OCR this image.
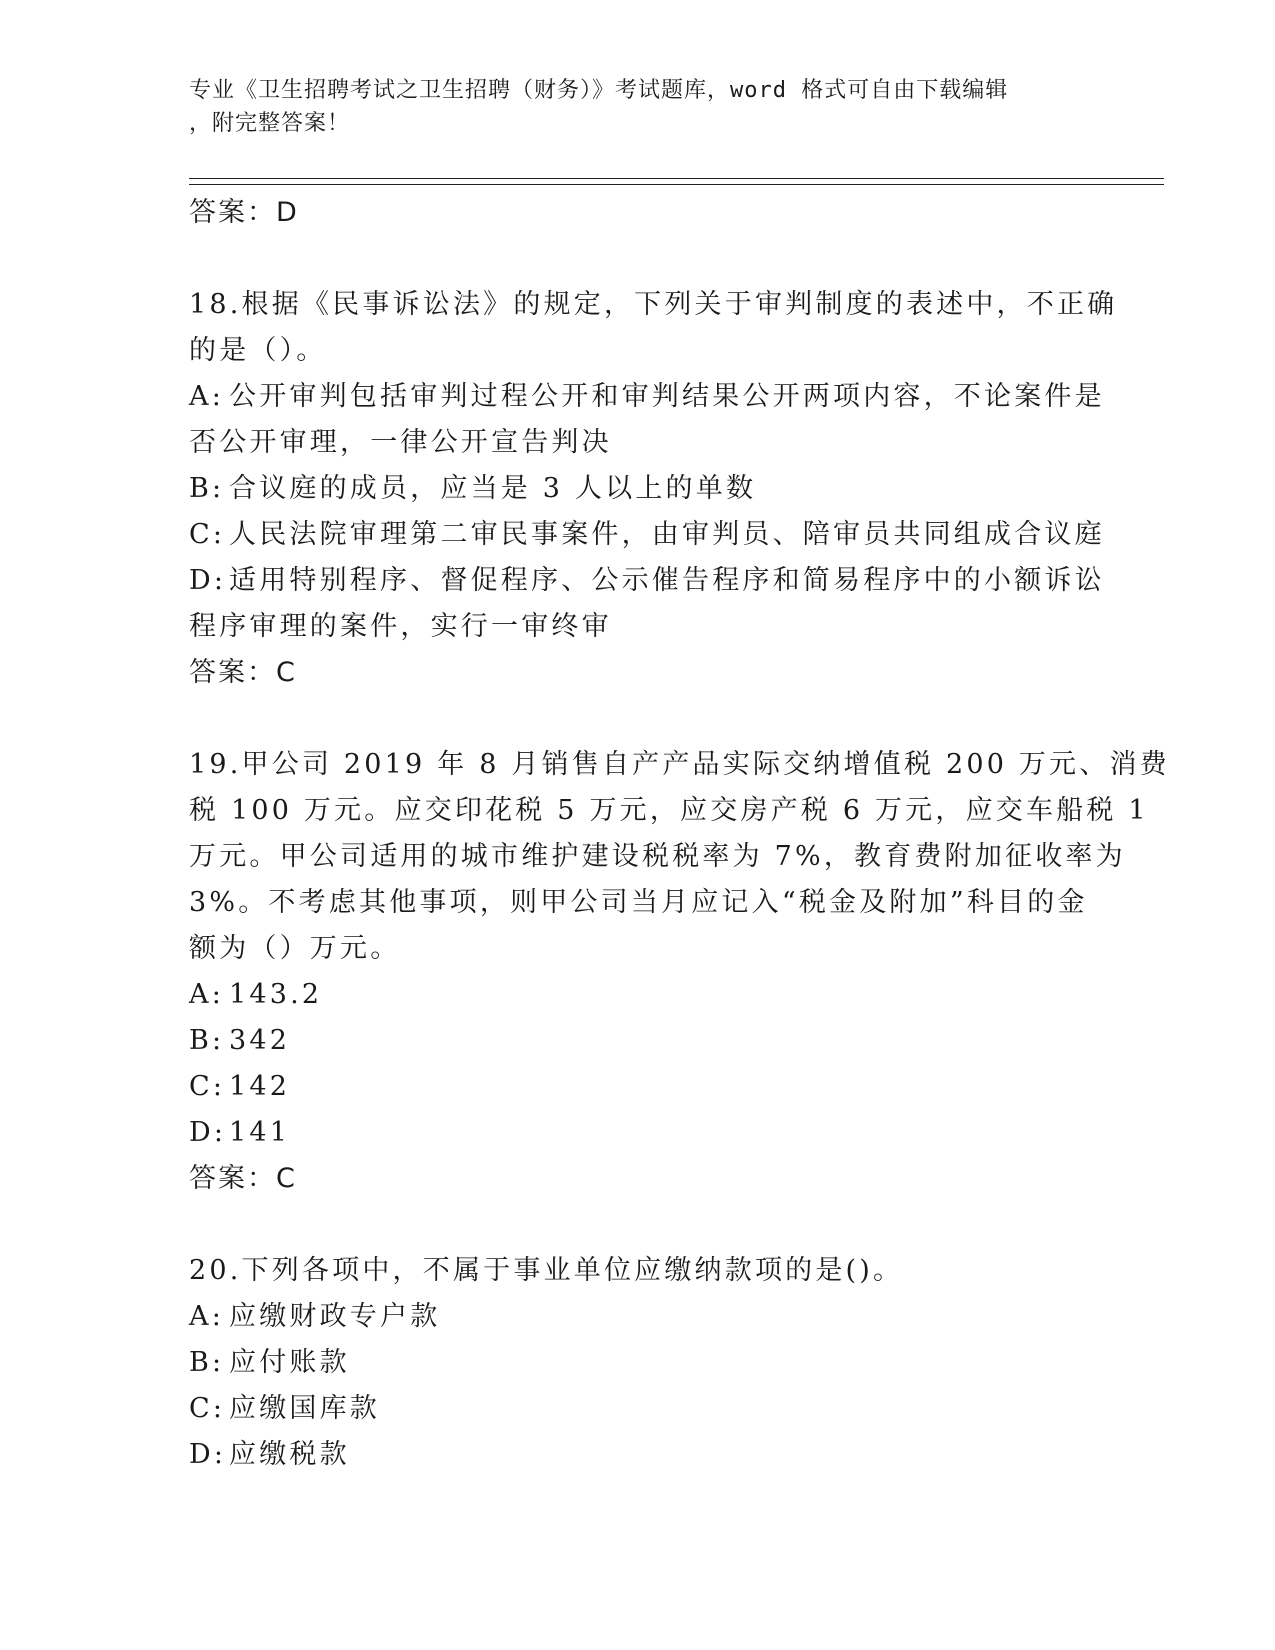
专业《卫生招聘考试之卫生招聘（财务）》考试题库，word 格式可自由下载编辑
，附完整答案！
答案：D
18.根据《民事诉讼法》的规定，下列关于审判制度的表述中，不正确
的是（）。
A: 公开审判包括审判过程公开和审判结果公开两项内容，不论案件是
否公开审理，一律公开宣告判决
B: 合议庭的成员，应当是 3 人以上的单数
C: 人民法院审理第二审民事案件，由审判员、陪审员共同组成合议庭
D: 适用特别程序、督促程序、公示催告程序和简易程序中的小额诉讼
程序审理的案件，实行一审终审
答案：C
19.甲公司 2019 年 8 月销售自产产品实际交纳增值税 200 万元、消费
税 100 万元。应交印花税 5 万元，应交房产税 6 万元，应交车船税 1
万元。甲公司适用的城市维护建设税税率为 7%，教育费附加征收率为
3%。不考虑其他事项，则甲公司当月应记入“税金及附加”科目的金
额为（）万元。
A: 143.2
B: 342
C: 142
D: 141
答案：C
20.下列各项中，不属于事业单位应缴纳款项的是()。
A: 应缴财政专户款
B: 应付账款
C: 应缴国库款
D: 应缴税款
